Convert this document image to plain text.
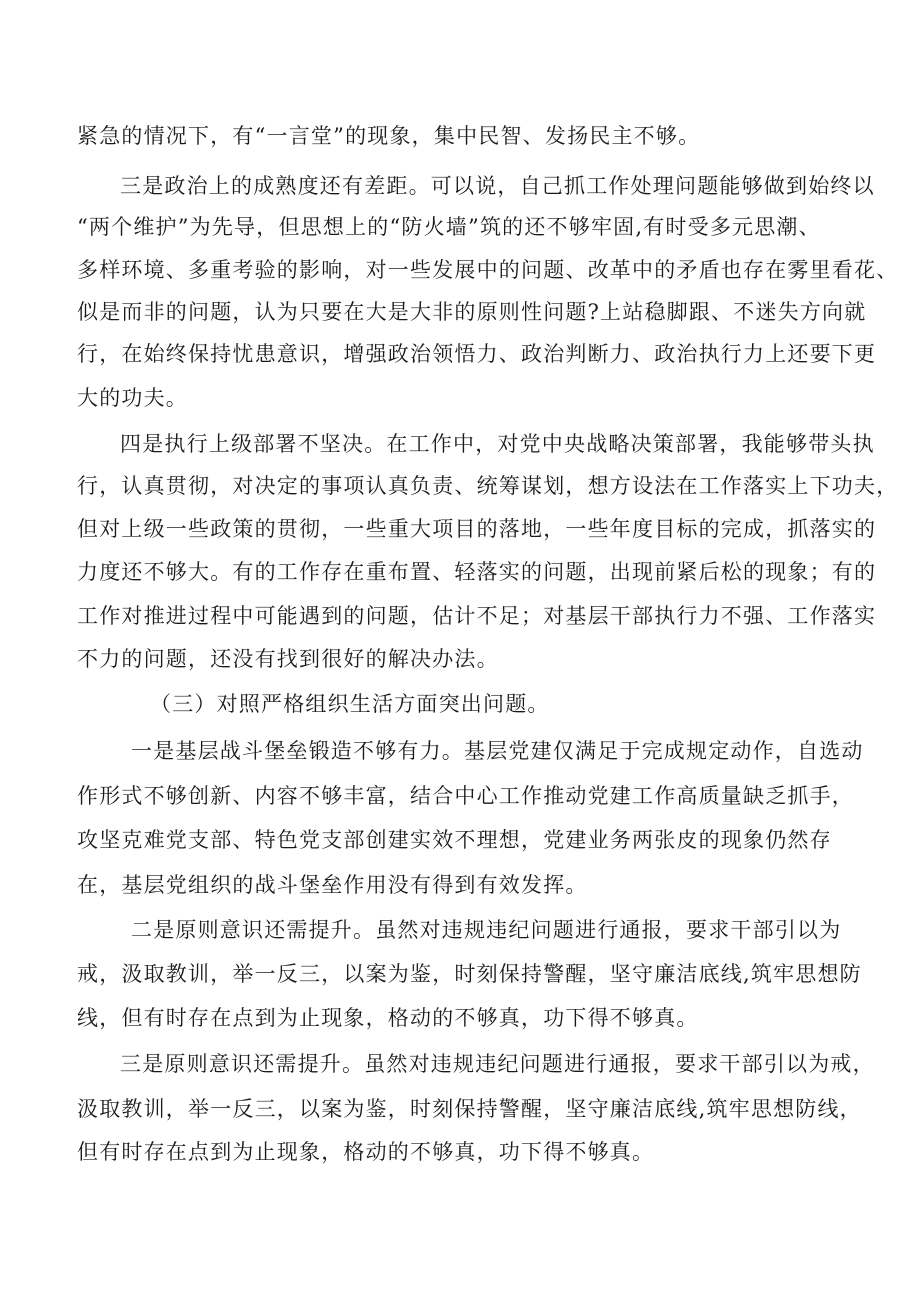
紧急的情况下，有“一言堂”的现象，集中民智、发扬民主不够。
三是政治上的成熟度还有差距。可以说，自己抓工作处理问题能够做到始终以
“两个维护”为先导，但思想上的“防火墙”筑的还不够牢固,有时受多元思潮、
多样环境、多重考验的影响，对一些发展中的问题、改革中的矛盾也存在雾里看花、
似是而非的问题，认为只要在大是大非的原则性问题?上站稳脚跟、不迷失方向就
行，在始终保持忧患意识，增强政治领悟力、政治判断力、政治执行力上还要下更
大的功夫。
四是执行上级部署不坚决。在工作中，对党中央战略决策部署，我能够带头执
行，认真贯彻，对决定的事项认真负责、统筹谋划，想方设法在工作落实上下功夫，
但对上级一些政策的贯彻，一些重大项目的落地，一些年度目标的完成，抓落实的
力度还不够大。有的工作存在重布置、轻落实的问题，出现前紧后松的现象；有的
工作对推进过程中可能遇到的问题，估计不足；对基层干部执行力不强、工作落实
不力的问题，还没有找到很好的解决办法。
（三）对照严格组织生活方面突出问题。
一是基层战斗堡垒锻造不够有力。基层党建仅满足于完成规定动作，自选动
作形式不够创新、内容不够丰富，结合中心工作推动党建工作高质量缺乏抓手，
攻坚克难党支部、特色党支部创建实效不理想，党建业务两张皮的现象仍然存
在，基层党组织的战斗堡垒作用没有得到有效发挥。
二是原则意识还需提升。虽然对违规违纪问题进行通报，要求干部引以为
戒，汲取教训，举一反三，以案为鉴，时刻保持警醒，坚守廉洁底线,筑牢思想防
线，但有时存在点到为止现象，格动的不够真，功下得不够真。
三是原则意识还需提升。虽然对违规违纪问题进行通报，要求干部引以为戒，
汲取教训，举一反三，以案为鉴，时刻保持警醒，坚守廉洁底线,筑牢思想防线，
但有时存在点到为止现象，格动的不够真，功下得不够真。
